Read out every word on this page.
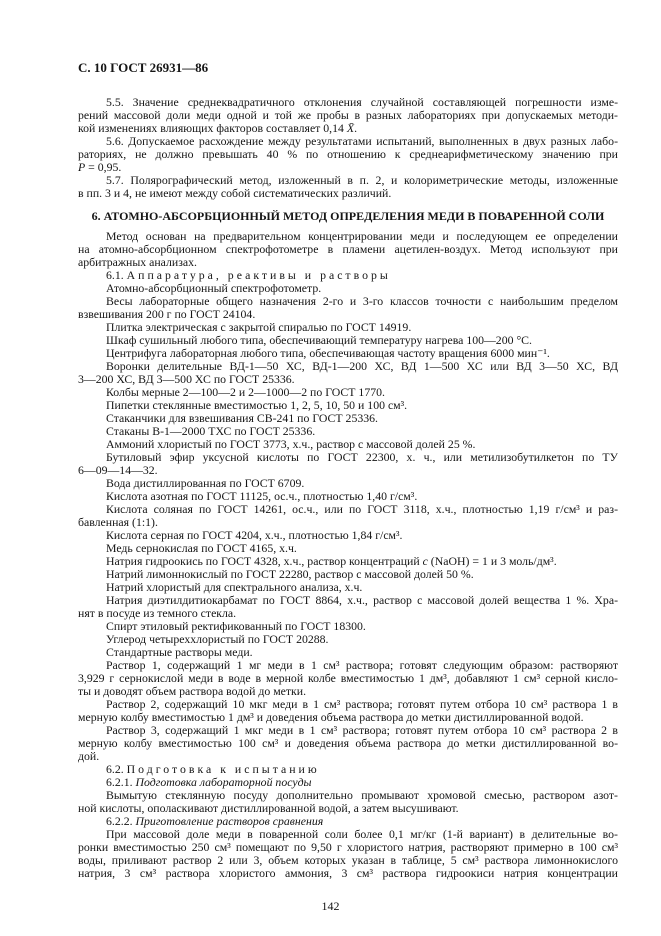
С. 10 ГОСТ 26931—86
5.5. Значение среднеквадратичного отклонения случайной составляющей погрешности изме-
рений массовой доли меди одной и той же пробы в разных лабораториях при допускаемых методи-
кой изменениях влияющих факторов составляет 0,14 X̄.
5.6. Допускаемое расхождение между результатами испытаний, выполненных в двух разных лабо-
раториях, не должно превышать 40 % по отношению к среднеарифметическому значению при
P = 0,95.
5.7. Полярографический метод, изложенный в п. 2, и колориметрические методы, изложенные
в пп. 3 и 4, не имеют между собой систематических различий.
6. АТОМНО-АБСОРБЦИОННЫЙ МЕТОД ОПРЕДЕЛЕНИЯ МЕДИ В ПОВАРЕННОЙ СОЛИ
Метод основан на предварительном концентрировании меди и последующем ее определении
на атомно-абсорбционном спектрофотометре в пламени ацетилен-воздух. Метод используют при
арбитражных анализах.
6.1. Аппаратура, реактивы и растворы
Атомно-абсорбционный спектрофотометр.
Весы лабораторные общего назначения 2-го и 3-го классов точности с наибольшим пределом
взвешивания 200 г по ГОСТ 24104.
Плитка электрическая с закрытой спиралью по ГОСТ 14919.
Шкаф сушильный любого типа, обеспечивающий температуру нагрева 100—200 °С.
Центрифуга лабораторная любого типа, обеспечивающая частоту вращения 6000 мин⁻¹.
Воронки делительные ВД-1—50 ХС, ВД-1—200 ХС, ВД 1—500 ХС или ВД 3—50 ХС, ВД
3—200 ХС, ВД 3—500 ХС по ГОСТ 25336.
Колбы мерные 2—100—2 и 2—1000—2 по ГОСТ 1770.
Пипетки стеклянные вместимостью 1, 2, 5, 10, 50 и 100 см³.
Стаканчики для взвешивания СВ-241 по ГОСТ 25336.
Стаканы В-1—2000 ТХС по ГОСТ 25336.
Аммоний хлористый по ГОСТ 3773, х.ч., раствор с массовой долей 25 %.
Бутиловый эфир уксусной кислоты по ГОСТ 22300, х. ч., или метилизобутилкетон по ТУ
6—09—14—32.
Вода дистиллированная по ГОСТ 6709.
Кислота азотная по ГОСТ 11125, ос.ч., плотностью 1,40 г/см³.
Кислота соляная по ГОСТ 14261, ос.ч., или по ГОСТ 3118, х.ч., плотностью 1,19 г/см³ и раз-
бавленная (1:1).
Кислота серная по ГОСТ 4204, х.ч., плотностью 1,84 г/см³.
Медь сернокислая по ГОСТ 4165, х.ч.
Натрия гидроокись по ГОСТ 4328, х.ч., раствор концентраций c (NaOH) = 1 и 3 моль/дм³.
Натрий лимоннокислый по ГОСТ 22280, раствор с массовой долей 50 %.
Натрий хлористый для спектрального анализа, х.ч.
Натрия диэтилдитиокарбамат по ГОСТ 8864, х.ч., раствор с массовой долей вещества 1 %. Хра-
нят в посуде из темного стекла.
Спирт этиловый ректификованный по ГОСТ 18300.
Углерод четыреххлористый по ГОСТ 20288.
Стандартные растворы меди.
Раствор 1, содержащий 1 мг меди в 1 см³ раствора; готовят следующим образом: растворяют
3,929 г сернокислой меди в воде в мерной колбе вместимостью 1 дм³, добавляют 1 см³ серной кисло-
ты и доводят объем раствора водой до метки.
Раствор 2, содержащий 10 мкг меди в 1 см³ раствора; готовят путем отбора 10 см³ раствора 1 в
мерную колбу вместимостью 1 дм³ и доведения объема раствора до метки дистиллированной водой.
Раствор 3, содержащий 1 мкг меди в 1 см³ раствора; готовят путем отбора 10 см³ раствора 2 в
мерную колбу вместимостью 100 см³ и доведения объема раствора до метки дистиллированной во-
дой.
6.2. Подготовка к испытанию
6.2.1. Подготовка лабораторной посуды
Вымытую стеклянную посуду дополнительно промывают хромовой смесью, раствором азот-
ной кислоты, ополаскивают дистиллированной водой, а затем высушивают.
6.2.2. Приготовление растворов сравнения
При массовой доле меди в поваренной соли более 0,1 мг/кг (1-й вариант) в делительные во-
ронки вместимостью 250 см³ помещают по 9,50 г хлористого натрия, растворяют примерно в 100 см³
воды, приливают раствор 2 или 3, объем которых указан в таблице, 5 см³ раствора лимоннокислого
натрия, 3 см³ раствора хлористого аммония, 3 см³ раствора гидроокиси натрия концентрации
142
